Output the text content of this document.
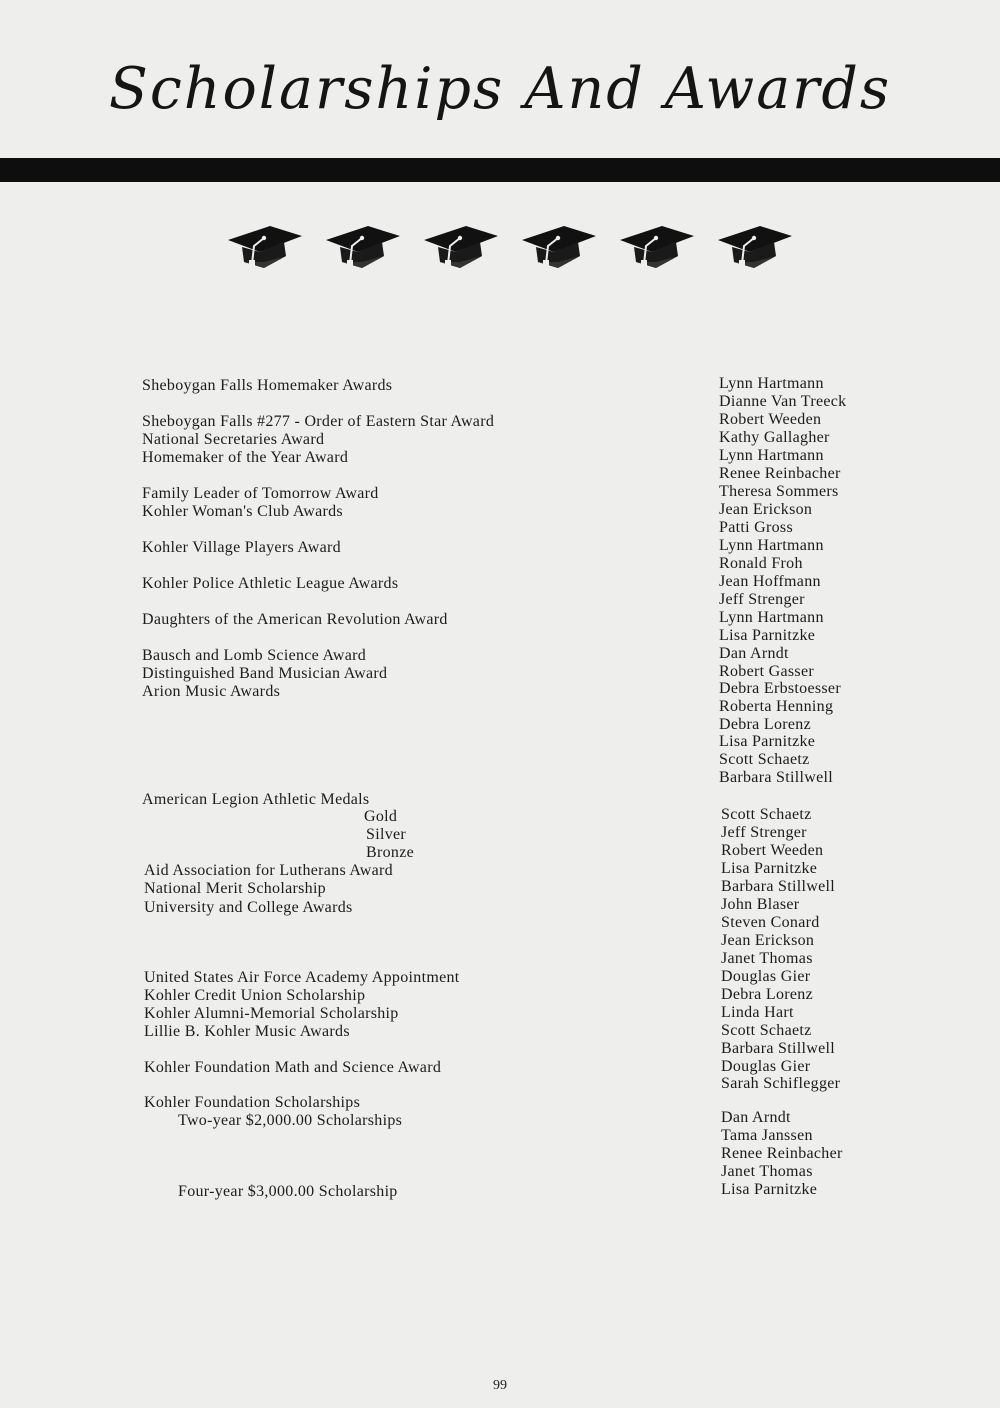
Scholarships And Awards
Sheboygan Falls Homemaker Awards
Sheboygan Falls #277 - Order of Eastern Star Award
National Secretaries Award
Homemaker of the Year Award
Family Leader of Tomorrow Award
Kohler Woman's Club Awards
Kohler Village Players Award
Kohler Police Athletic League Awards
Daughters of the American Revolution Award
Bausch and Lomb Science Award
Distinguished Band Musician Award
Arion Music Awards
American Legion Athletic Medals
Gold
Silver
Bronze
Aid Association for Lutherans Award
National Merit Scholarship
University and College Awards
United States Air Force Academy Appointment
Kohler Credit Union Scholarship
Kohler Alumni-Memorial Scholarship
Lillie B. Kohler Music Awards
Kohler Foundation Math and Science Award
Kohler Foundation Scholarships
Two-year $2,000.00 Scholarships
Four-year $3,000.00 Scholarship
Lynn Hartmann
Dianne Van Treeck
Robert Weeden
Kathy Gallagher
Lynn Hartmann
Renee Reinbacher
Theresa Sommers
Jean Erickson
Patti Gross
Lynn Hartmann
Ronald Froh
Jean Hoffmann
Jeff Strenger
Lynn Hartmann
Lisa Parnitzke
Dan Arndt
Robert Gasser
Debra Erbstoesser
Roberta Henning
Debra Lorenz
Lisa Parnitzke
Scott Schaetz
Barbara Stillwell
Scott Schaetz
Jeff Strenger
Robert Weeden
Lisa Parnitzke
Barbara Stillwell
John Blaser
Steven Conard
Jean Erickson
Janet Thomas
Douglas Gier
Debra Lorenz
Linda Hart
Scott Schaetz
Barbara Stillwell
Douglas Gier
Sarah Schiflegger
Dan Arndt
Tama Janssen
Renee Reinbacher
Janet Thomas
Lisa Parnitzke
99
